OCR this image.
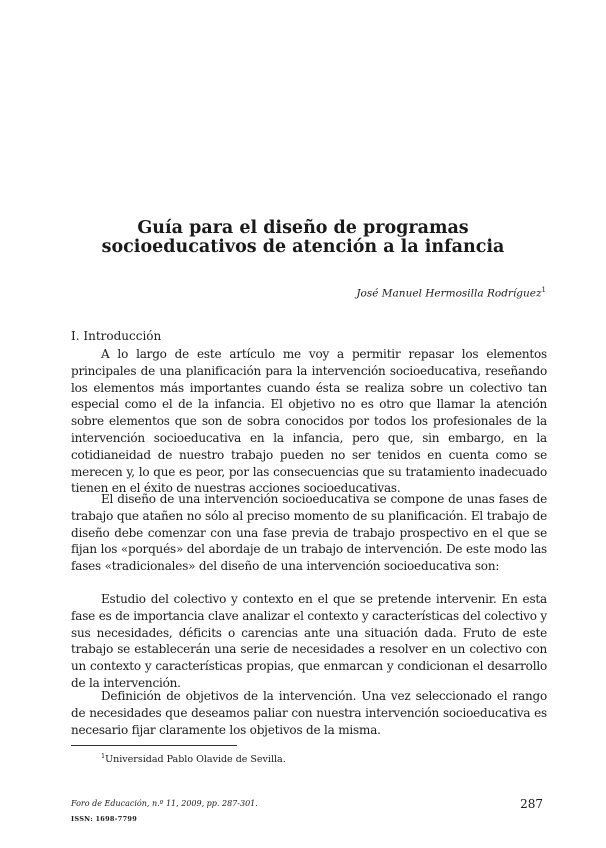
Guía para el diseño de programas socioeducativos de atención a la infancia
José Manuel Hermosilla Rodríguez$^1$
I. Introducción

A lo largo de este artículo me voy a permitir repasar los elementos principales de una planificación para la intervención socioeducativa, reseñando los elementos más importantes cuando ésta se realiza sobre un colectivo tan especial como el de la infancia. El objetivo no es otro que llamar la atención sobre elementos que son de sobra conocidos por todos los profesionales de la intervención socioeducativa en la infancia, pero que, sin embargo, en la cotidianeidad de nuestro trabajo pueden no ser tenidos en cuenta como se merecen y, lo que es peor, por las consecuencias que su tratamiento inadecuado tienen en el éxito de nuestras acciones socioeducativas.

El diseño de una intervención socioeducativa se compone de unas fases de trabajo que atañen no sólo al preciso momento de su planificación. El trabajo de diseño debe comenzar con una fase previa de trabajo prospectivo en el que se fijan los «porqués» del abordaje de un trabajo de intervención. De este modo las fases «tradicionales» del diseño de una intervención socioeducativa son:

Estudio del colectivo y contexto en el que se pretende intervenir. En esta fase es de importancia clave analizar el contexto y características del colectivo y sus necesidades, déficits o carencias ante una situación dada. Fruto de este trabajo se establecerán una serie de necesidades a resolver en un colectivo con un contexto y características propias, que enmarcan y condicionan el desarrollo de la intervención.

Definición de objetivos de la intervención. Una vez seleccionado el rango de necesidades que deseamos paliar con nuestra intervención socioeducativa es necesario fijar claramente los objetivos de la misma.

$^1$Universidad Pablo Olavide de Sevilla.
Foro de Educación, n.º 11, 2009, pp. 287-301.
ISSN: 1698-7799
287
